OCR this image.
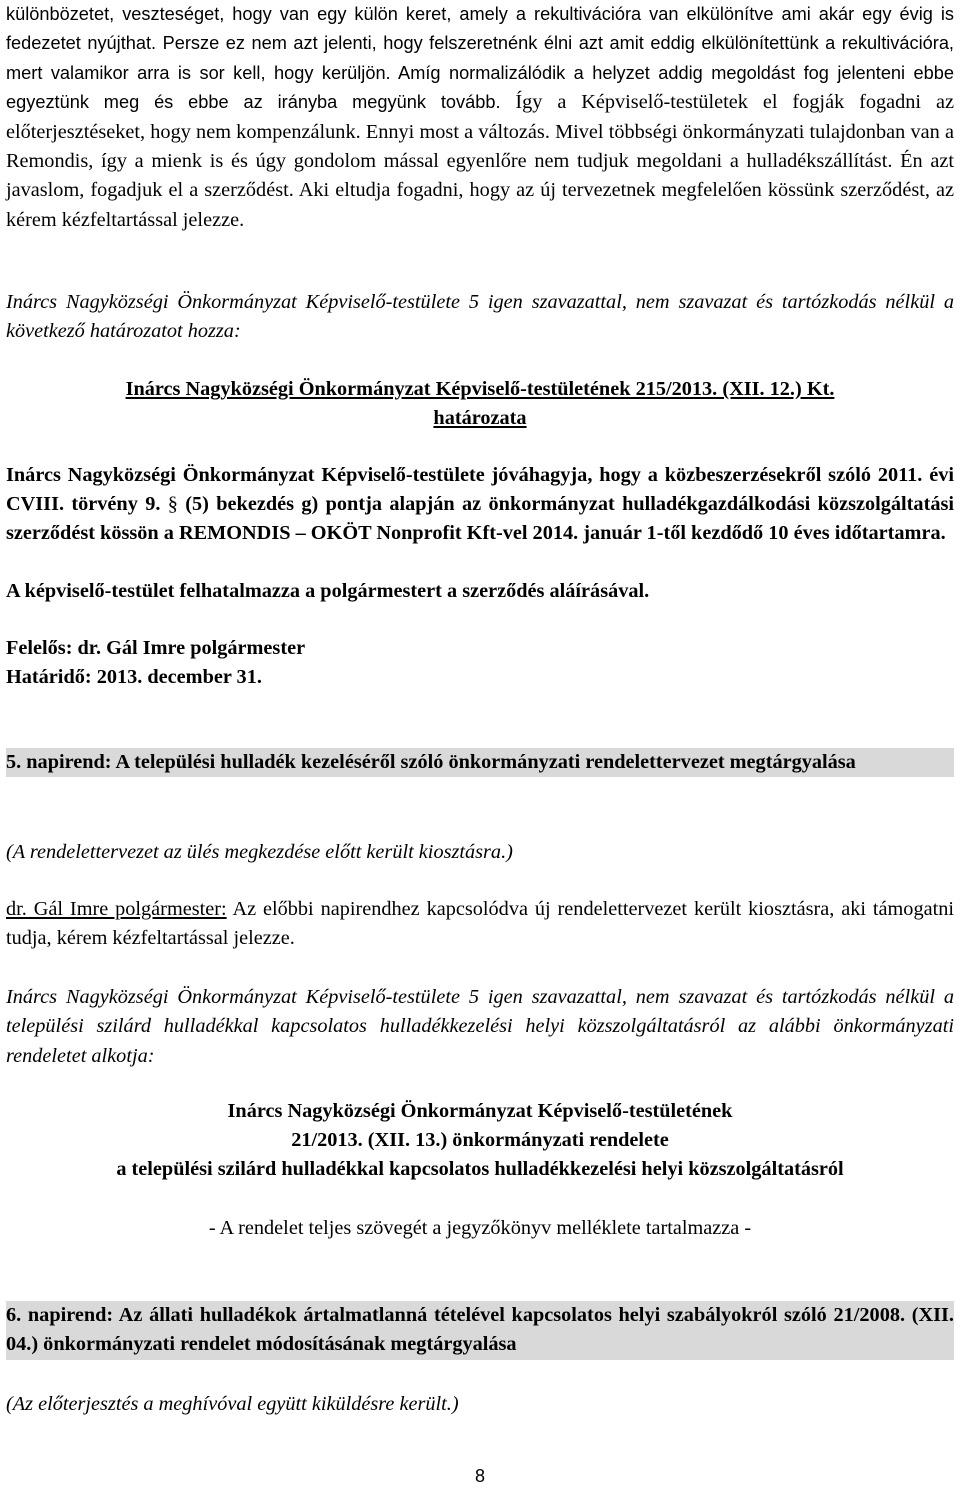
különbözetet, veszteséget, hogy van egy külön keret, amely a rekultivációra van elkülönítve ami akár egy évig is fedezetet nyújthat. Persze ez nem azt jelenti, hogy felszeretnénk élni azt amit eddig elkülönítettünk a rekultivációra, mert valamikor arra is sor kell, hogy kerüljön. Amíg normalizálódik a helyzet addig megoldást fog jelenteni ebbe egyeztünk meg és ebbe az irányba megyünk tovább. Így a Képviselő-testületek el fogják fogadni az előterjesztéseket, hogy nem kompenzálunk. Ennyi most a változás. Mivel többségi önkormányzati tulajdonban van a Remondis, így a mienk is és úgy gondolom mással egyenlőre nem tudjuk megoldani a hulladékszállítást. Én azt javaslom, fogadjuk el a szerződést. Aki eltudja fogadni, hogy az új tervezetnek megfelelően kössünk szerződést, az kérem kézfeltartással jelezze.

Inárcs Nagyközségi Önkormányzat Képviselő-testülete 5 igen szavazattal, nem szavazat és tartózkodás nélkül a következő határozatot hozza:

Inárcs Nagyközségi Önkormányzat Képviselő-testületének 215/2013. (XII. 12.) Kt.
határozata

Inárcs Nagyközségi Önkormányzat Képviselő-testülete jóváhagyja, hogy a közbeszerzésekről szóló 2011. évi CVIII. törvény 9. § (5) bekezdés g) pontja alapján az önkormányzat hulladékgazdálkodási közszolgáltatási szerződést kössön a REMONDIS – OKÖT Nonprofit Kft-vel 2014. január 1-től kezdődő 10 éves időtartamra.

A képviselő-testület felhatalmazza a polgármestert a szerződés aláírásával.
Felelős: dr. Gál Imre polgármester
Határidő: 2013. december 31.
5. napirend: A települési hulladék kezeléséről szóló önkormányzati rendelettervezet megtárgyalása
(A rendelettervezet az ülés megkezdése előtt került kiosztásra.)

dr. Gál Imre polgármester: Az előbbi napirendhez kapcsolódva új rendelettervezet került kiosztásra, aki támogatni tudja, kérem kézfeltartással jelezze.

Inárcs Nagyközségi Önkormányzat Képviselő-testülete 5 igen szavazattal, nem szavazat és tartózkodás nélkül a települési szilárd hulladékkal kapcsolatos hulladékkezelési helyi közszolgáltatásról az alábbi önkormányzati rendeletet alkotja:

Inárcs Nagyközségi Önkormányzat Képviselő-testületének
21/2013. (XII. 13.) önkormányzati rendelete
a települési szilárd hulladékkal kapcsolatos hulladékkezelési helyi közszolgáltatásról
- A rendelet teljes szövegét a jegyzőkönyv melléklete tartalmazza -
6. napirend: Az állati hulladékok ártalmatlanná tételével kapcsolatos helyi szabályokról szóló 21/2008. (XII. 04.) önkormányzati rendelet módosításának megtárgyalása
(Az előterjesztés a meghívóval együtt kiküldésre került.)
8
